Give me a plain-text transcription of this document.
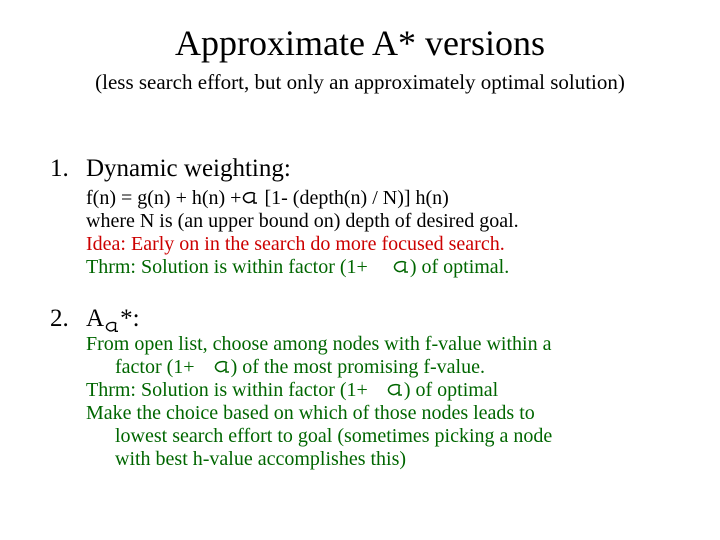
Approximate A* versions
(less search effort, but only an approximately optimal solution)
1. Dynamic weighting:
f(n) = g(n) + h(n) +
[1- (depth(n) / N)] h(n)
where N is (an upper bound on) depth of desired goal.
Idea: Early on in the search do more focused search.
Thrm: Solution is within factor (1+ ) of optimal.
2. A *:
From open list, choose among nodes with f-value within a
factor (1+ ) of the most promising f-value.
Thrm: Solution is within factor (1+ ) of optimal
Make the choice based on which of those nodes leads to
lowest search effort to goal (sometimes picking a node
with best h-value accomplishes this)
